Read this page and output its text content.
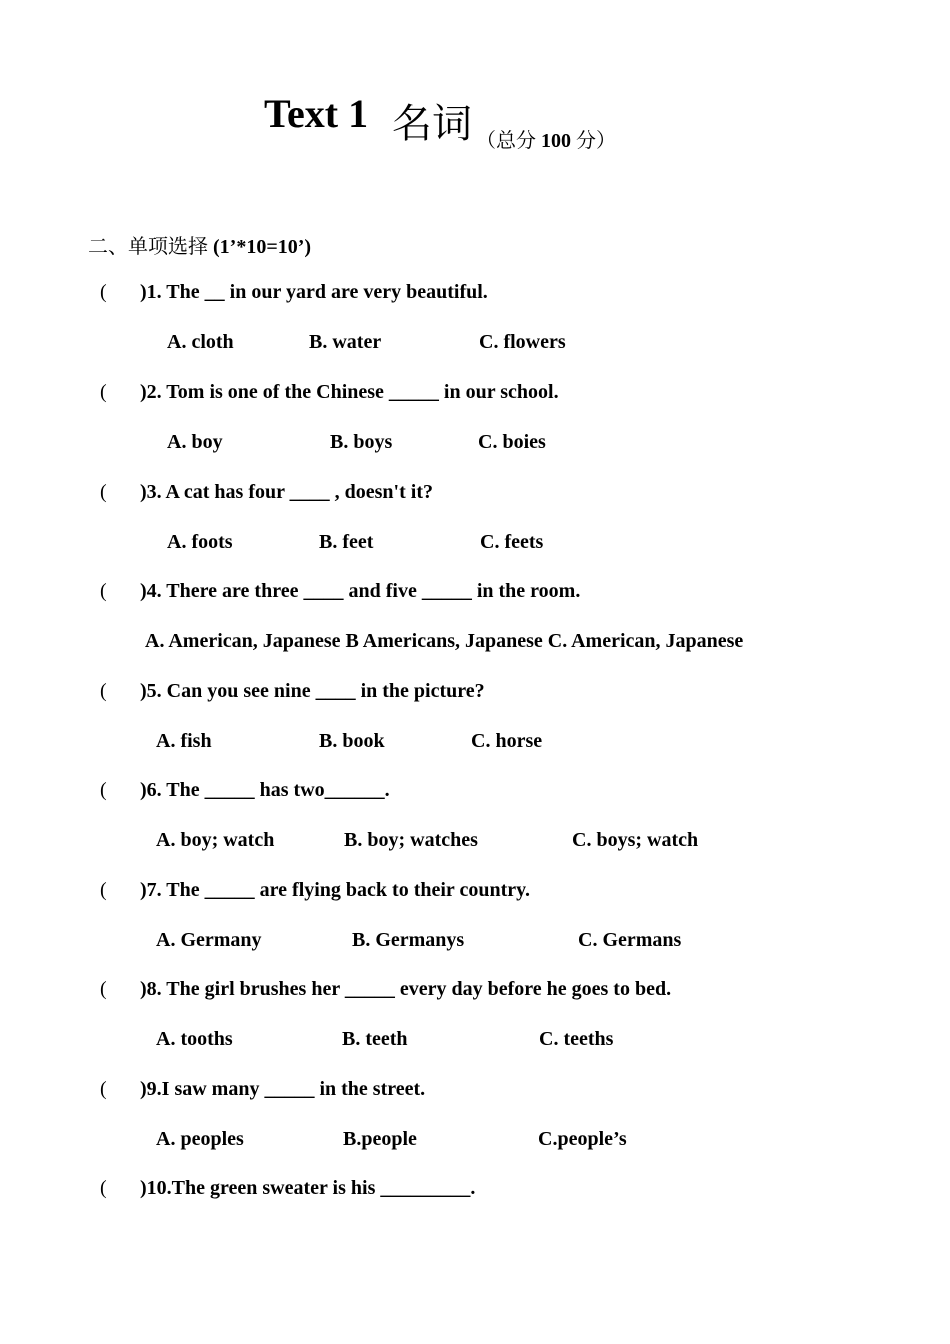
Text 1 名词 （总分 100 分）
二、单项选择 (1’*10=10’)
( )1. The __ in our yard are very beautiful.
A. cloth	B. water	C. flowers
( )2. Tom is one of the Chinese _____ in our school.
A. boy	B. boys	C. boies
( )3. A cat has four ____ , doesn't it?
A. foots	B. feet	C. feets
( )4. There are three ____ and five _____ in the room.
A. American, Japanese B Americans, Japanese C. American, Japanese
( )5. Can you see nine ____ in the picture?
A. fish	B. book	C. horse
( )6. The _____ has two______.
A. boy; watch	B. boy; watches	C. boys; watch
( )7. The _____ are flying back to their country.
A. Germany	B. Germanys	C. Germans
( )8. The girl brushes her _____ every day before he goes to bed.
A. tooths	B. teeth	C. teeths
( )9.I saw many _____ in the street.
A. peoples	B.people	C.people’s
( )10.The green sweater is his _________.
